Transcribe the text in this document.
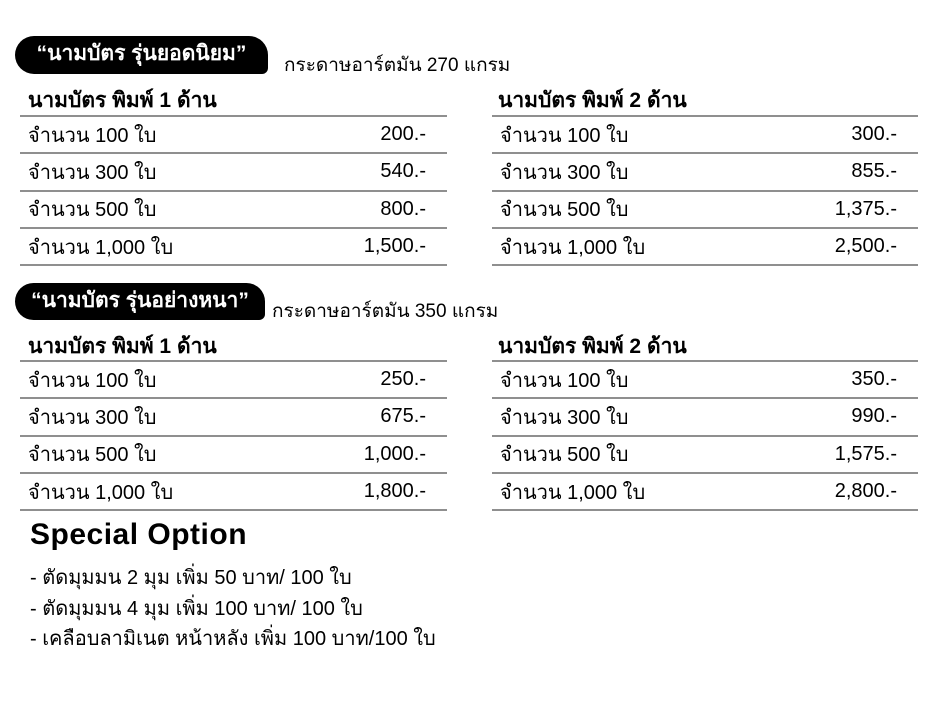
“นามบัตร รุ่นยอดนิยม”
กระดาษอาร์ตมัน 270 แกรม
นามบัตร พิมพ์ 1 ด้าน	นามบัตร พิมพ์ 2 ด้าน
จำนวน 100 ใบ	200.-
จำนวน 300 ใบ	540.-
จำนวน 500 ใบ	800.-
จำนวน 1,000 ใบ	1,500.-
จำนวน 100 ใบ	300.-
จำนวน 300 ใบ	855.-
จำนวน 500 ใบ	1,375.-
จำนวน 1,000 ใบ	2,500.-
“นามบัตร รุ่นอย่างหนา”	กระดาษอาร์ตมัน 350 แกรม
นามบัตร พิมพ์ 1 ด้าน	นามบัตร พิมพ์ 2 ด้าน
จำนวน 100 ใบ	250.-
จำนวน 300 ใบ	675.-
จำนวน 500 ใบ	1,000.-
จำนวน 1,000 ใบ	1,800.-
จำนวน 100 ใบ	350.-
จำนวน 300 ใบ	990.-
จำนวน 500 ใบ	1,575.-
จำนวน 1,000 ใบ	2,800.-
Special Option
- ตัดมุมมน 2 มุม เพิ่ม 50 บาท/ 100 ใบ
- ตัดมุมมน 4 มุม เพิ่ม 100 บาท/ 100 ใบ
- เคลือบลามิเนต หน้าหลัง เพิ่ม 100 บาท/100 ใบ
